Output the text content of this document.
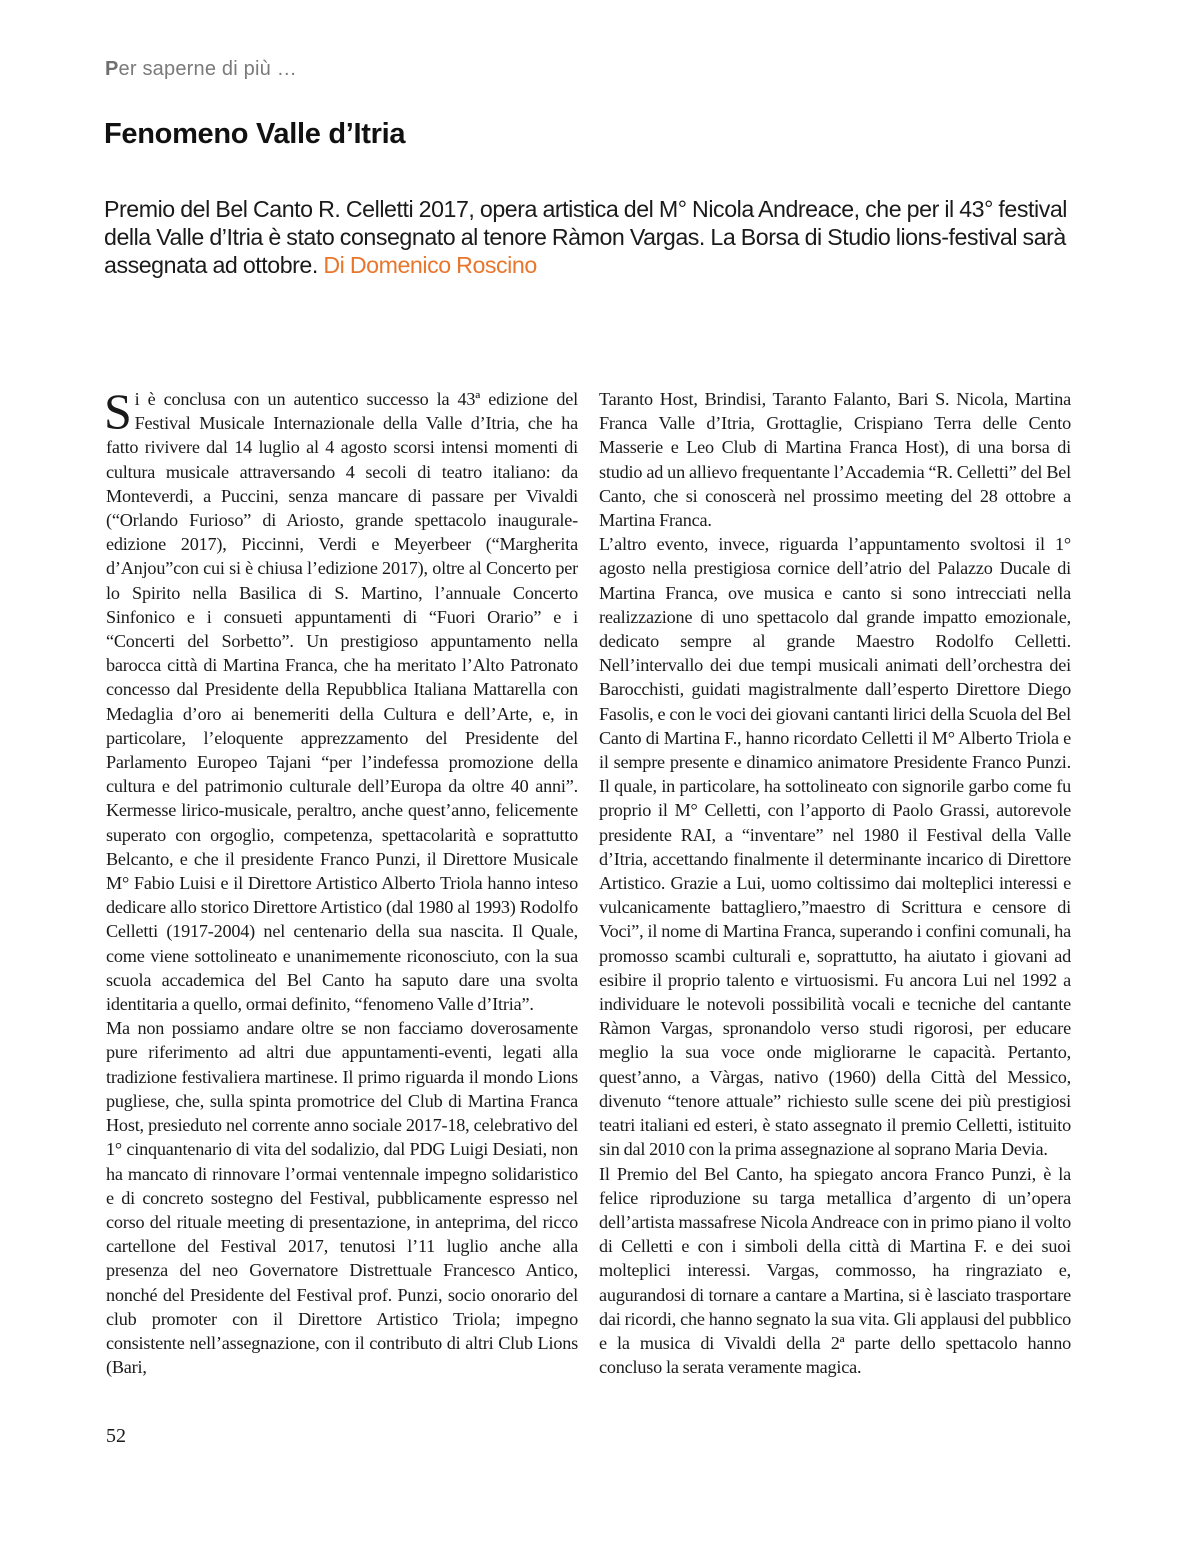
Per saperne di più …
Fenomeno Valle d’Itria

Premio del Bel Canto R. Celletti 2017, opera artistica del M° Nicola Andreace, che per il 43° festival della Valle d’Itria è stato consegnato al tenore Ràmon Vargas. La Borsa di Studio lions-festival sarà assegnata ad ottobre. Di Domenico Roscino

Si è conclusa con un autentico successo la 43ª edizione del Festival Musicale Internazionale della Valle d’Itria, che ha fatto rivivere dal 14 luglio al 4 agosto scorsi intensi momenti di cultura musicale attraversando 4 secoli di teatro italiano: da Monteverdi, a Puccini, senza mancare di passare per Vivaldi (“Orlando Furioso” di Ariosto, grande spettacolo inaugurale-edizione 2017), Piccinni, Verdi e Meyerbeer (“Margherita d’Anjou”con cui si è chiusa l’edizione 2017), oltre al Concerto per lo Spirito nella Basilica di S. Martino, l’annuale Concerto Sinfonico e i consueti appuntamenti di “Fuori Orario” e i “Concerti del Sorbetto”. Un prestigioso appuntamento nella barocca città di Martina Franca, che ha meritato l’Alto Patronato concesso dal Presidente della Repubblica Italiana Mattarella con Medaglia d’oro ai benemeriti della Cultura e dell’Arte, e, in particolare, l’eloquente apprezzamento del Presidente del Parlamento Europeo Tajani “per l’indefessa promozione della cultura e del patrimonio culturale dell’Europa da oltre 40 anni”. Kermesse lirico-musicale, peraltro, anche quest’anno, felicemente superato con orgoglio, competenza, spettacolarità e soprattutto Belcanto, e che il presidente Franco Punzi, il Direttore Musicale M° Fabio Luisi e il Direttore Artistico Alberto Triola hanno inteso dedicare allo storico Direttore Artistico (dal 1980 al 1993) Rodolfo Celletti (1917-2004) nel centenario della sua nascita. Il Quale, come viene sottolineato e unanimemente riconosciuto, con la sua scuola accademica del Bel Canto ha saputo dare una svolta identitaria a quello, ormai definito, “fenomeno Valle d’Itria”.

Ma non possiamo andare oltre se non facciamo doverosamente pure riferimento ad altri due appuntamenti-eventi, legati alla tradizione festivaliera martinese. Il primo riguarda il mondo Lions pugliese, che, sulla spinta promotrice del Club di Martina Franca Host, presieduto nel corrente anno sociale 2017-18, celebrativo del 1° cinquantenario di vita del sodalizio, dal PDG Luigi Desiati, non ha mancato di rinnovare l’ormai ventennale impegno solidaristico e di concreto sostegno del Festival, pubblicamente espresso nel corso del rituale meeting di presentazione, in anteprima, del ricco cartellone del Festival 2017, tenutosi l’11 luglio anche alla presenza del neo Governatore Distrettuale Francesco Antico, nonché del Presidente del Festival prof. Punzi, socio onorario del club promoter con il Direttore Artistico Triola; impegno consistente nell’assegnazione, con il contributo di altri Club Lions (Bari,

Taranto Host, Brindisi, Taranto Falanto, Bari S. Nicola, Martina Franca Valle d’Itria, Grottaglie, Crispiano Terra delle Cento Masserie e Leo Club di Martina Franca Host), di una borsa di studio ad un allievo frequentante l’Accademia “R. Celletti” del Bel Canto, che si conoscerà nel prossimo meeting del 28 ottobre a Martina Franca.

L’altro evento, invece, riguarda l’appuntamento svoltosi il 1° agosto nella prestigiosa cornice dell’atrio del Palazzo Ducale di Martina Franca, ove musica e canto si sono intrecciati nella realizzazione di uno spettacolo dal grande impatto emozionale, dedicato sempre al grande Maestro Rodolfo Celletti. Nell’intervallo dei due tempi musicali animati dell’orchestra dei Barocchisti, guidati magistralmente dall’esperto Direttore Diego Fasolis, e con le voci dei giovani cantanti lirici della Scuola del Bel Canto di Martina F., hanno ricordato Celletti il M° Alberto Triola e il sempre presente e dinamico animatore Presidente Franco Punzi. Il quale, in particolare, ha sottolineato con signorile garbo come fu proprio il M° Celletti, con l’apporto di Paolo Grassi, autorevole presidente RAI, a “inventare” nel 1980 il Festival della Valle d’Itria, accettando finalmente il determinante incarico di Direttore Artistico. Grazie a Lui, uomo coltissimo dai molteplici interessi e vulcanicamente battagliero,”maestro di Scrittura e censore di Voci”, il nome di Martina Franca, superando i confini comunali, ha promosso scambi culturali e, soprattutto, ha aiutato i giovani ad esibire il proprio talento e virtuosismi. Fu ancora Lui nel 1992 a individuare le notevoli possibilità vocali e tecniche del cantante Ràmon Vargas, spronandolo verso studi rigorosi, per educare meglio la sua voce onde migliorarne le capacità. Pertanto, quest’anno, a Vàrgas, nativo (1960) della Città del Messico, divenuto “tenore attuale” richiesto sulle scene dei più prestigiosi teatri italiani ed esteri, è stato assegnato il premio Celletti, istituito sin dal 2010 con la prima assegnazione al soprano Maria Devia.

Il Premio del Bel Canto, ha spiegato ancora Franco Punzi, è la felice riproduzione su targa metallica d’argento di un’opera dell’artista massafrese Nicola Andreace con in primo piano il volto di Celletti e con i simboli della città di Martina F. e dei suoi molteplici interessi. Vargas, commosso, ha ringraziato e, augurandosi di tornare a cantare a Martina, si è lasciato trasportare dai ricordi, che hanno segnato la sua vita. Gli applausi del pubblico e la musica di Vivaldi della 2ª parte dello spettacolo hanno concluso la serata veramente magica.

52
